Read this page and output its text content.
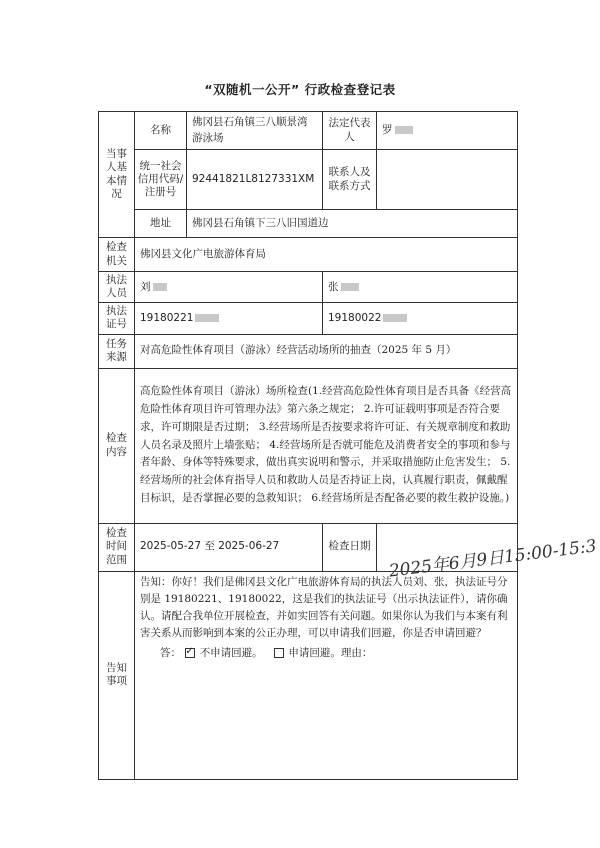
“双随机一公开” 行政检查登记表
当事人基本情况	名称	佛冈县石角镇三八顺景湾游泳场	法定代表人	罗
	统一社会信用代码/注册号	92441821L8127331XM	联系人及联系方式	
	地址	佛冈县石角镇下三八旧国道边		
检查机关	佛冈县文化广电旅游体育局			
执法人员	刘		张	
执法证号	19180221		19180022	
任务来源	对高危险性体育项目（游泳）经营活动场所的抽查（2025 年 5 月）			
检查内容	高危险性体育项目（游泳）场所检查(1.经营高危险性体育项目是否具备《经营高危险性体育项目许可管理办法》第六条之规定； 2.许可证载明事项是否符合要求，许可期限是否过期； 3.经营场所是否按要求将许可证、有关规章制度和救助人员名录及照片上墙张贴； 4.经营场所是否就可能危及消费者安全的事项和参与者年龄、身体等特殊要求，做出真实说明和警示，并采取措施防止危害发生； 5.经营场所的社会体育指导人员和救助人员是否持证上岗，认真履行职责，佩戴醒目标识，是否掌握必要的急救知识； 6.经营场所是否配备必要的救生救护设施。)			
检查时间范围	2025-05-27 至 2025-06-27		检查日期	
告知事项	告知：你好！我们是佛冈县文化广电旅游体育局的执法人员刘、张，执法证号分别是 19180221、19180022，这是我们的执法证号（出示执法证件），请你确认。请配合我单位开展检查，并如实回答有关问题。如果你认为我们与本案有利害关系从而影响到本案的公正办理，可以申请我们回避，你是否申请回避？

答： ✓ 不申请回避。 申请回避。理由：

2025年6月9日15:00-15:3
